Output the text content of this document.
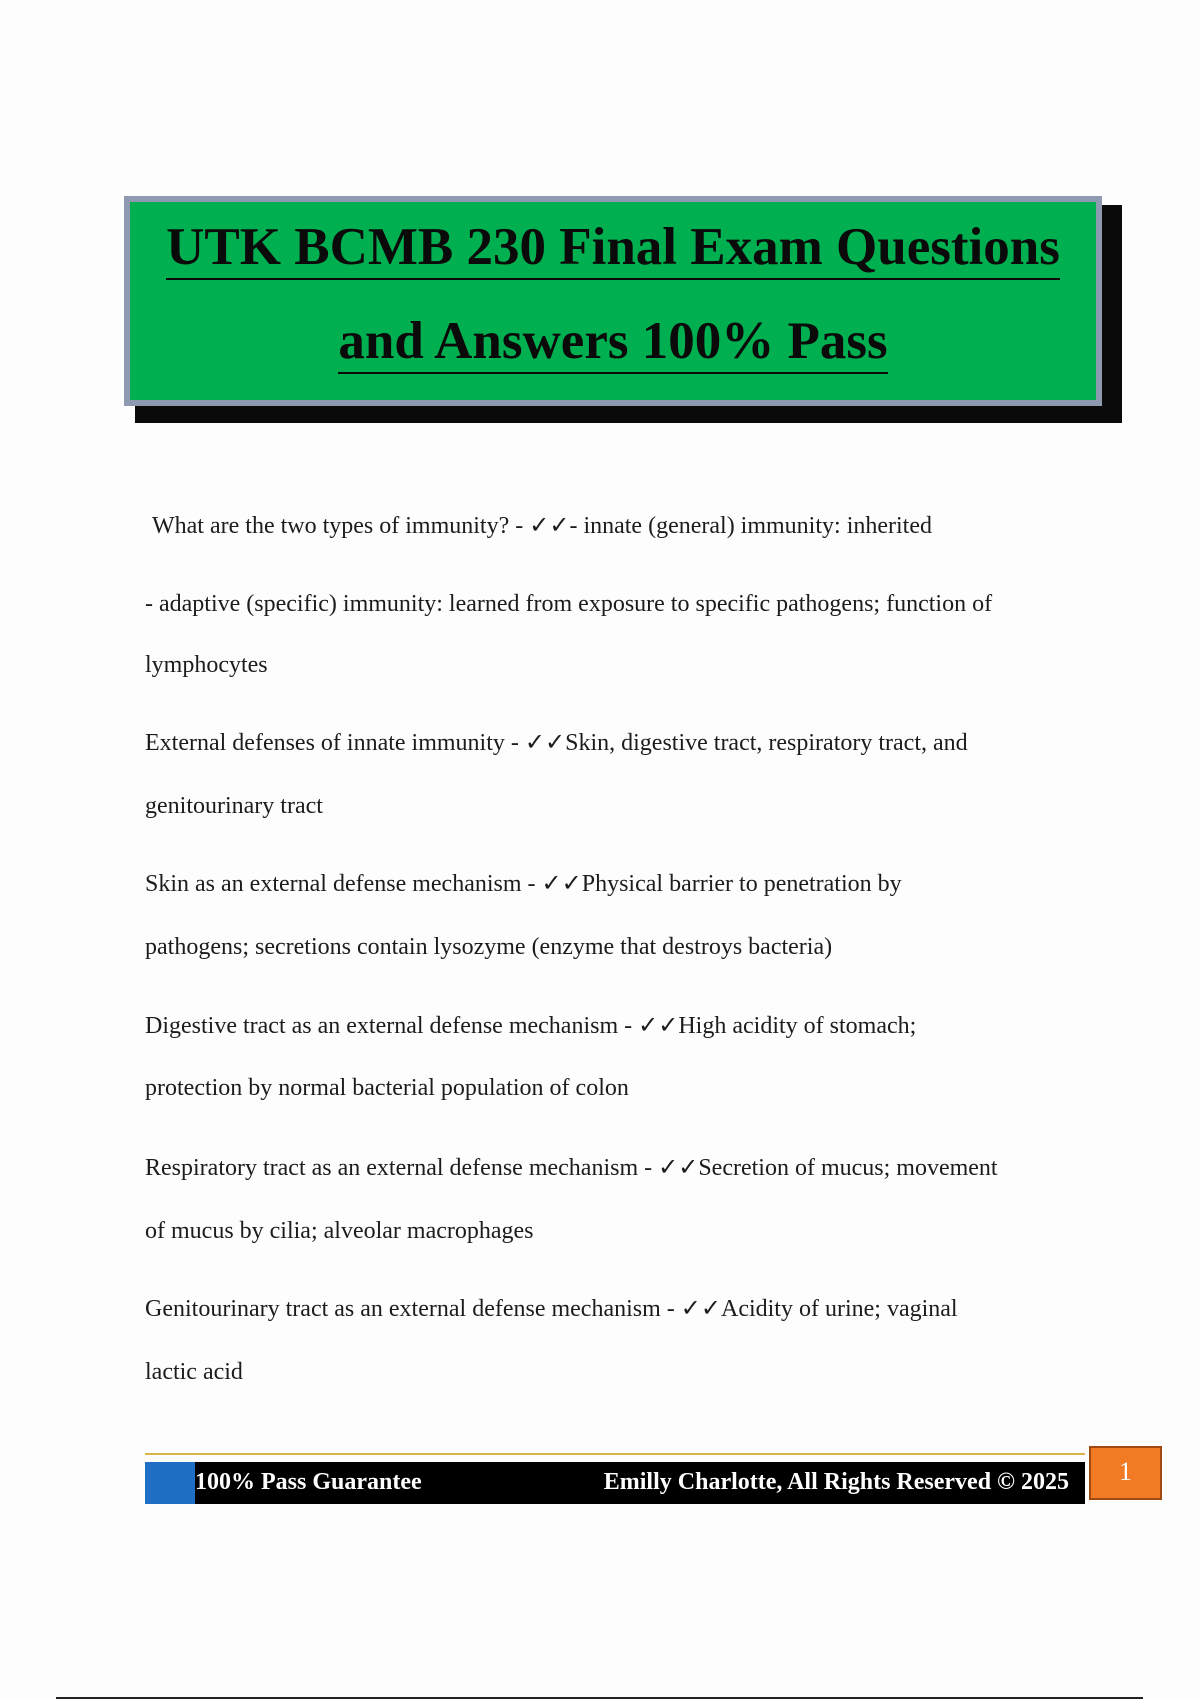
UTK BCMB 230 Final Exam Questions
and Answers 100% Pass
What are the two types of immunity? - ✓✓- innate (general) immunity: inherited
- adaptive (specific) immunity: learned from exposure to specific pathogens; function of
lymphocytes
External defenses of innate immunity - ✓✓Skin, digestive tract, respiratory tract, and
genitourinary tract
Skin as an external defense mechanism - ✓✓Physical barrier to penetration by
pathogens; secretions contain lysozyme (enzyme that destroys bacteria)
Digestive tract as an external defense mechanism - ✓✓High acidity of stomach;
protection by normal bacterial population of colon
Respiratory tract as an external defense mechanism - ✓✓Secretion of mucus; movement
of mucus by cilia; alveolar macrophages
Genitourinary tract as an external defense mechanism - ✓✓Acidity of urine; vaginal
lactic acid
100% Pass Guarantee	Emilly Charlotte, All Rights Reserved © 2025	1
